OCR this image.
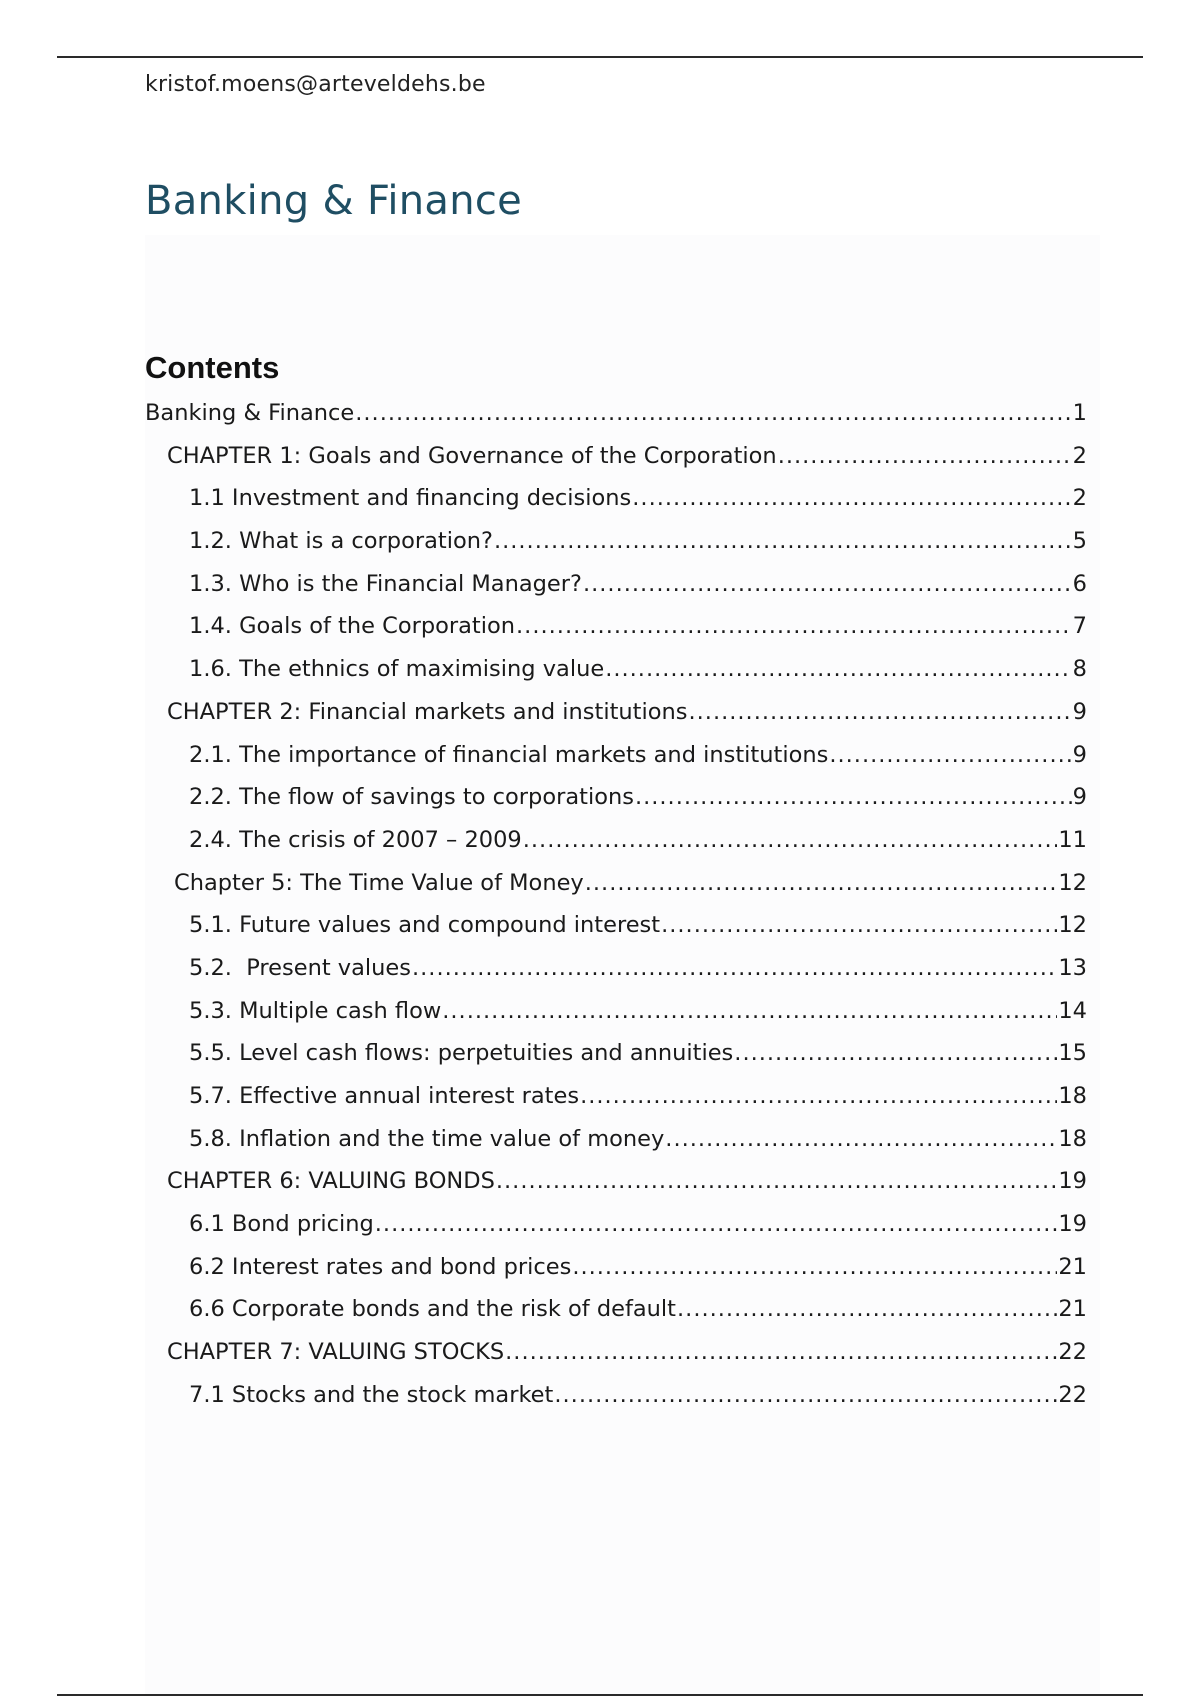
kristof.moens@arteveldehs.be
Banking & Finance
Contents
Banking & Finance .....	1
CHAPTER 1: Goals and Governance of the Corporation .....	2
1.1 Investment and financing decisions .....	2
1.2. What is a corporation? .....	5
1.3. Who is the Financial Manager? .....	6
1.4. Goals of the Corporation .....	7
1.6. The ethnics of maximising value .....	8
CHAPTER 2: Financial markets and institutions .....	9
2.1. The importance of financial markets and institutions .....	9
2.2. The flow of savings to corporations .....	9
2.4. The crisis of 2007 – 2009 .....	11
Chapter 5: The Time Value of Money .....	12
5.1. Future values and compound interest .....	12
5.2.  Present values .....	13
5.3. Multiple cash flow .....	14
5.5. Level cash flows: perpetuities and annuities .....	15
5.7. Effective annual interest rates .....	18
5.8. Inflation and the time value of money .....	18
CHAPTER 6: VALUING BONDS .....	19
6.1 Bond pricing .....	19
6.2 Interest rates and bond prices .....	21
6.6 Corporate bonds and the risk of default .....	21
CHAPTER 7: VALUING STOCKS .....	22
7.1 Stocks and the stock market .....	22
